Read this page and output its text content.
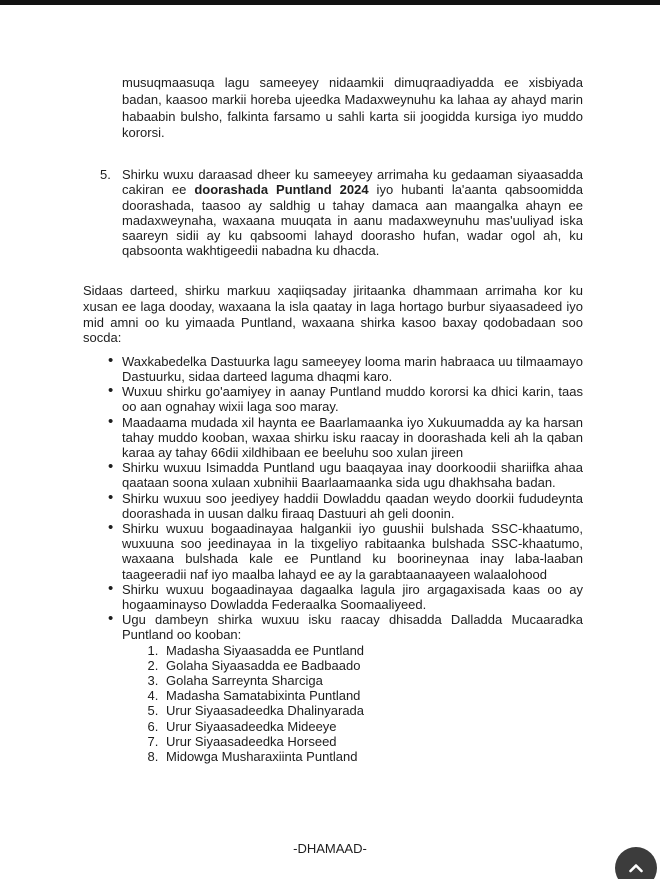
musuqmaasuqa lagu sameeyey nidaamkii dimuqraadiyadda ee xisbiyada badan, kaasoo markii horeba ujeedka Madaxweynuhu ka lahaa ay ahayd marin habaabin bulsho, falkinta farsamo u sahli karta sii joogidda kursiga iyo muddo kororsi.

5. Shirku wuxu daraasad dheer ku sameeyey arrimaha ku gedaaman siyaasadda cakiran ee doorashada Puntland 2024 iyo hubanti la'aanta qabsoomidda doorashada, taasoo ay saldhig u tahay damaca aan maangalka ahayn ee madaxweynaha, waxaana muuqata in aanu madaxweynuhu mas'uuliyad iska saareyn sidii ay ku qabsoomi lahayd doorasho hufan, wadar ogol ah, ku qabsoonta wakhtigeedii nabadna ku dhacda.

Sidaas darteed, shirku markuu xaqiiqsaday jiritaanka dhammaan arrimaha kor ku xusan ee laga dooday, waxaana la isla qaatay in laga hortago burbur siyaasadeed iyo mid amni oo ku yimaada Puntland, waxaana shirka kasoo baxay qodobadaan soo socda:

• Waxkabedelka Dastuurka lagu sameeyey looma marin habraaca uu tilmaamayo Dastuurku, sidaa darteed laguma dhaqmi karo.
• Wuxuu shirku go'aamiyey in aanay Puntland muddo kororsi ka dhici karin, taas oo aan ognahay wixii laga soo maray.
• Maadaama mudada xil haynta ee Baarlamaanka iyo Xukuumadda ay ka harsan tahay muddo kooban, waxaa shirku isku raacay in doorashada keli ah la qaban karaa ay tahay 66dii xildhibaan ee beeluhu soo xulan jireen
• Shirku wuxuu Isimadda Puntland ugu baaqayaa inay doorkoodii shariifka ahaa qaataan soona xulaan xubnihii Baarlaamaanka sida ugu dhakhsaha badan.
• Shirku wuxuu soo jeediyey haddii Dowladdu qaadan weydo doorkii fududeynta doorashada in uusan dalku firaaq Dastuuri ah geli doonin.
• Shirku wuxuu bogaadinayaa halgankii iyo guushii bulshada SSC-khaatumo, wuxuuna soo jeedinayaa in la tixgeliyo rabitaanka bulshada SSC-khaatumo, waxaana bulshada kale ee Puntland ku boorineynaa inay laba-laaban taageeradii naf iyo maalba lahayd ee ay la garabtaanaayeen walaalohood
• Shirku wuxuu bogaadinayaa dagaalka lagula jiro argagaxisada kaas oo ay hogaaminayso Dowladda Federaalka Soomaaliyeed.
• Ugu dambeyn shirka wuxuu isku raacay dhisadda Dalladda Mucaaradka Puntland oo kooban:
1. Madasha Siyaasadda ee Puntland
2. Golaha Siyaasadda ee Badbaado
3. Golaha Sarreynta Sharciga
4. Madasha Samatabixinta Puntland
5. Urur Siyaasadeedka Dhalinyarada
6. Urur Siyaasadeedka Mideeye
7. Urur Siyaasadeedka Horseed
8. Midowga Musharaxiinta Puntland
-DHAMAAD-
